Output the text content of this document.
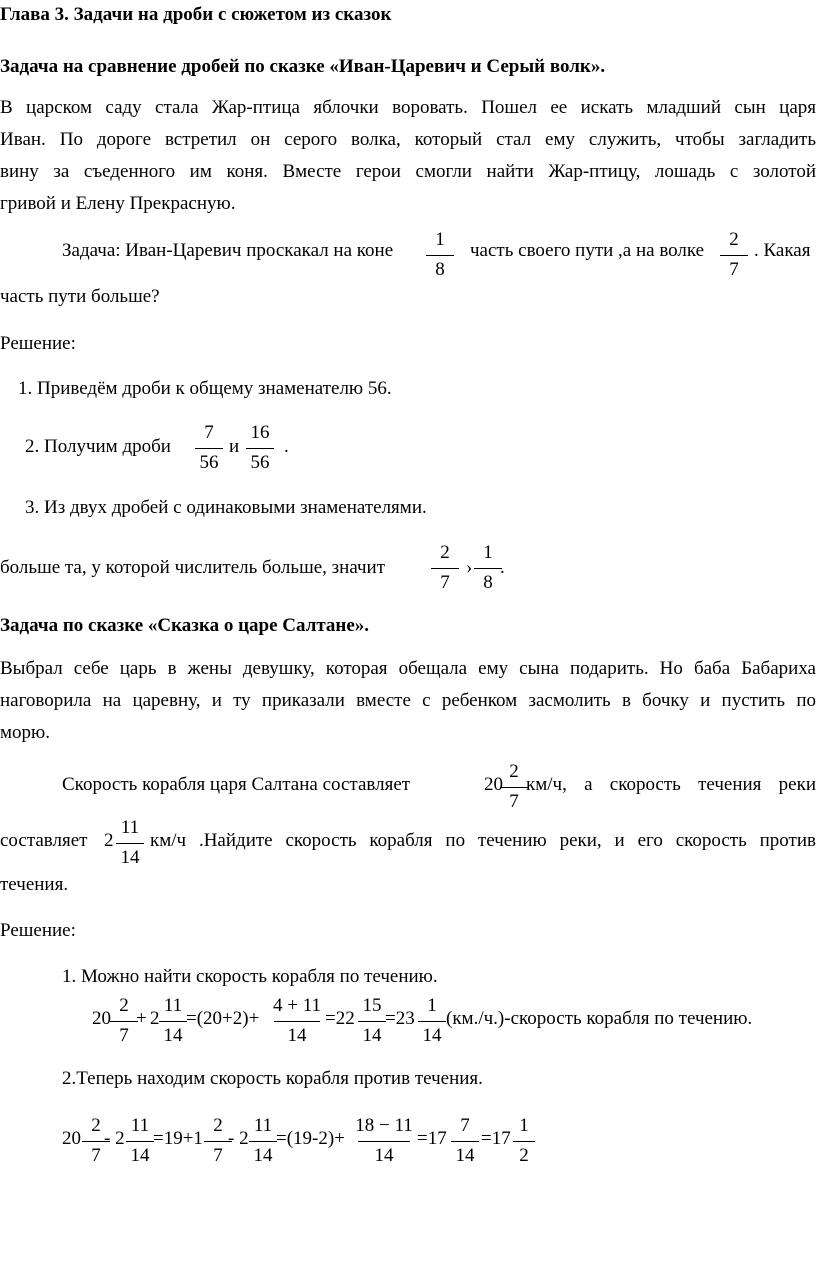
Глава 3. Задачи на дроби с сюжетом из сказок
Задача на сравнение дробей по сказке «Иван-Царевич и Серый волк».
В царском саду стала Жар-птица яблочки воровать. Пошел ее искать младший сын царя
Иван. По дороге встретил он серого волка, который стал ему служить, чтобы загладить
вину за съеденного им коня. Вместе герои смогли найти Жар-птицу, лошадь с золотой
гривой и Елену Прекрасную.
Задача: Иван-Царевич проскакал на коне
1
8
часть своего пути ,а на волке
2
7
. Какая
часть пути больше?
Решение:
1. Приведём дроби к общему знаменателю 56.
2. Получим дроби
7
56
и
16
56
.
3. Из двух дробей с одинаковыми знаменателями.
больше та, у которой числитель больше, значит
2
7
›
1
8
.
Задача по сказке «Сказка о царе Салтане».
Выбрал себе царь в жены девушку, которая обещала ему сына подарить. Но баба Бабариха
наговорила на царевну, и ту приказали вместе с ребенком засмолить в бочку и пустить по
морю.
Скорость корабля царя Салтана составляет	20
2
7
км/ч, а скорость течения реки
составляет 2
11
14
км/ч .Найдите скорость корабля по течению реки, и его скорость против
течения.
Решение:
1. Можно найти скорость корабля по течению.
20
2
7
+ 2
11
14
=(20+2)+
4 + 11
14
=22
15
14
=23
1
14
(км./ч.)-скорость корабля по течению.
2.Теперь находим скорость корабля против течения.
20
2
7
- 2
11
14
=19+1
2
7
- 2
11
14
=(19-2)+
18 − 11
14
=17
7
14
=17
1
2
